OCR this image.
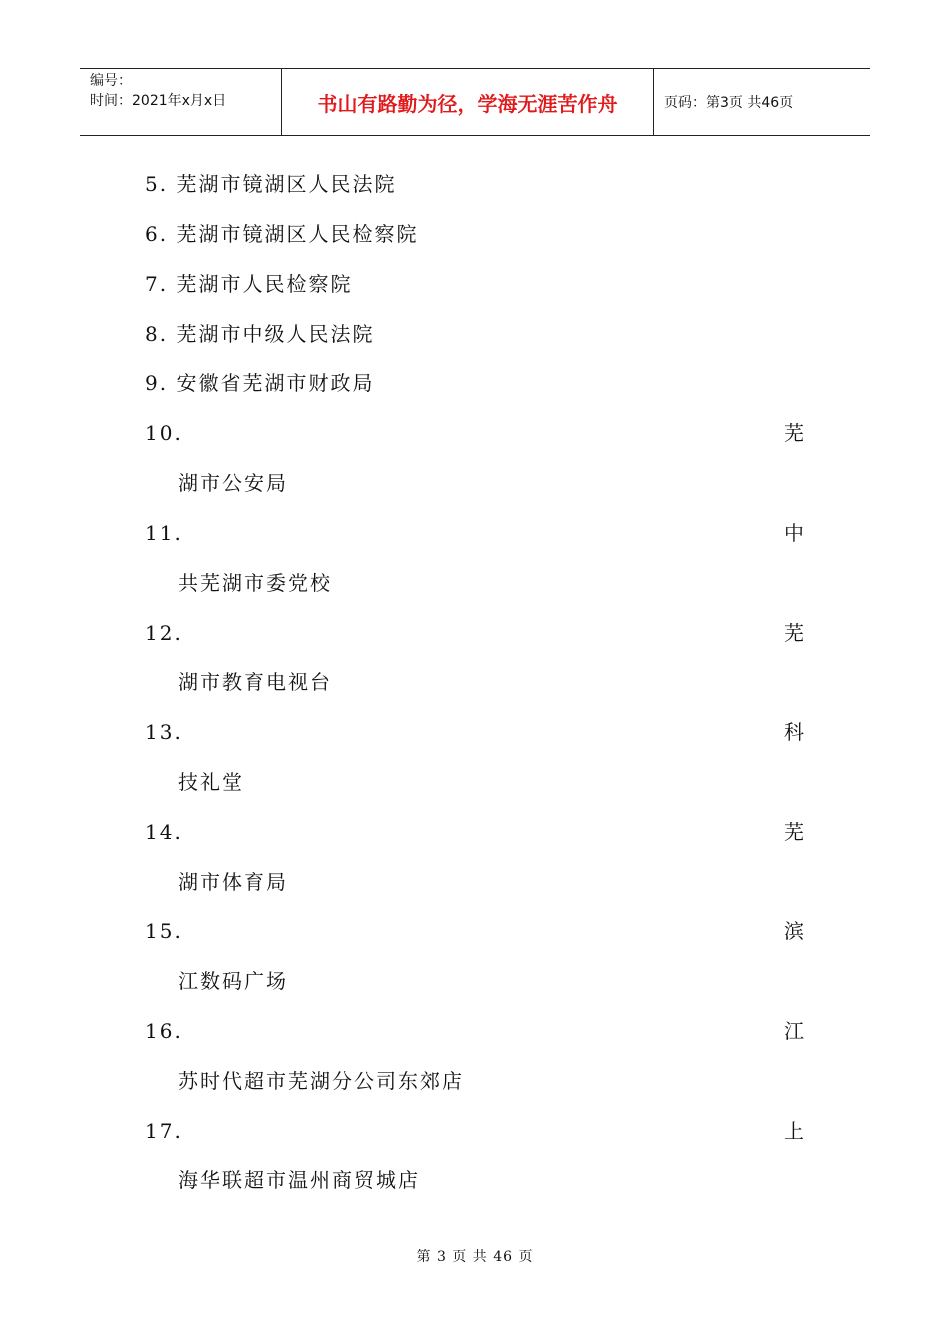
编号：
时间：2021年x月x日	书山有路勤为径，学海无涯苦作舟	页码：第3页 共46页
5. 芜湖市镜湖区人民法院
6. 芜湖市镜湖区人民检察院
7. 芜湖市人民检察院
8. 芜湖市中级人民法院
9. 安徽省芜湖市财政局
10.	芜
湖市公安局
11.	中
共芜湖市委党校
12.	芜
湖市教育电视台
13.	科
技礼堂
14.	芜
湖市体育局
15.	滨
江数码广场
16.	江
苏时代超市芜湖分公司东郊店
17.	上
海华联超市温州商贸城店
第 3 页 共 46 页
